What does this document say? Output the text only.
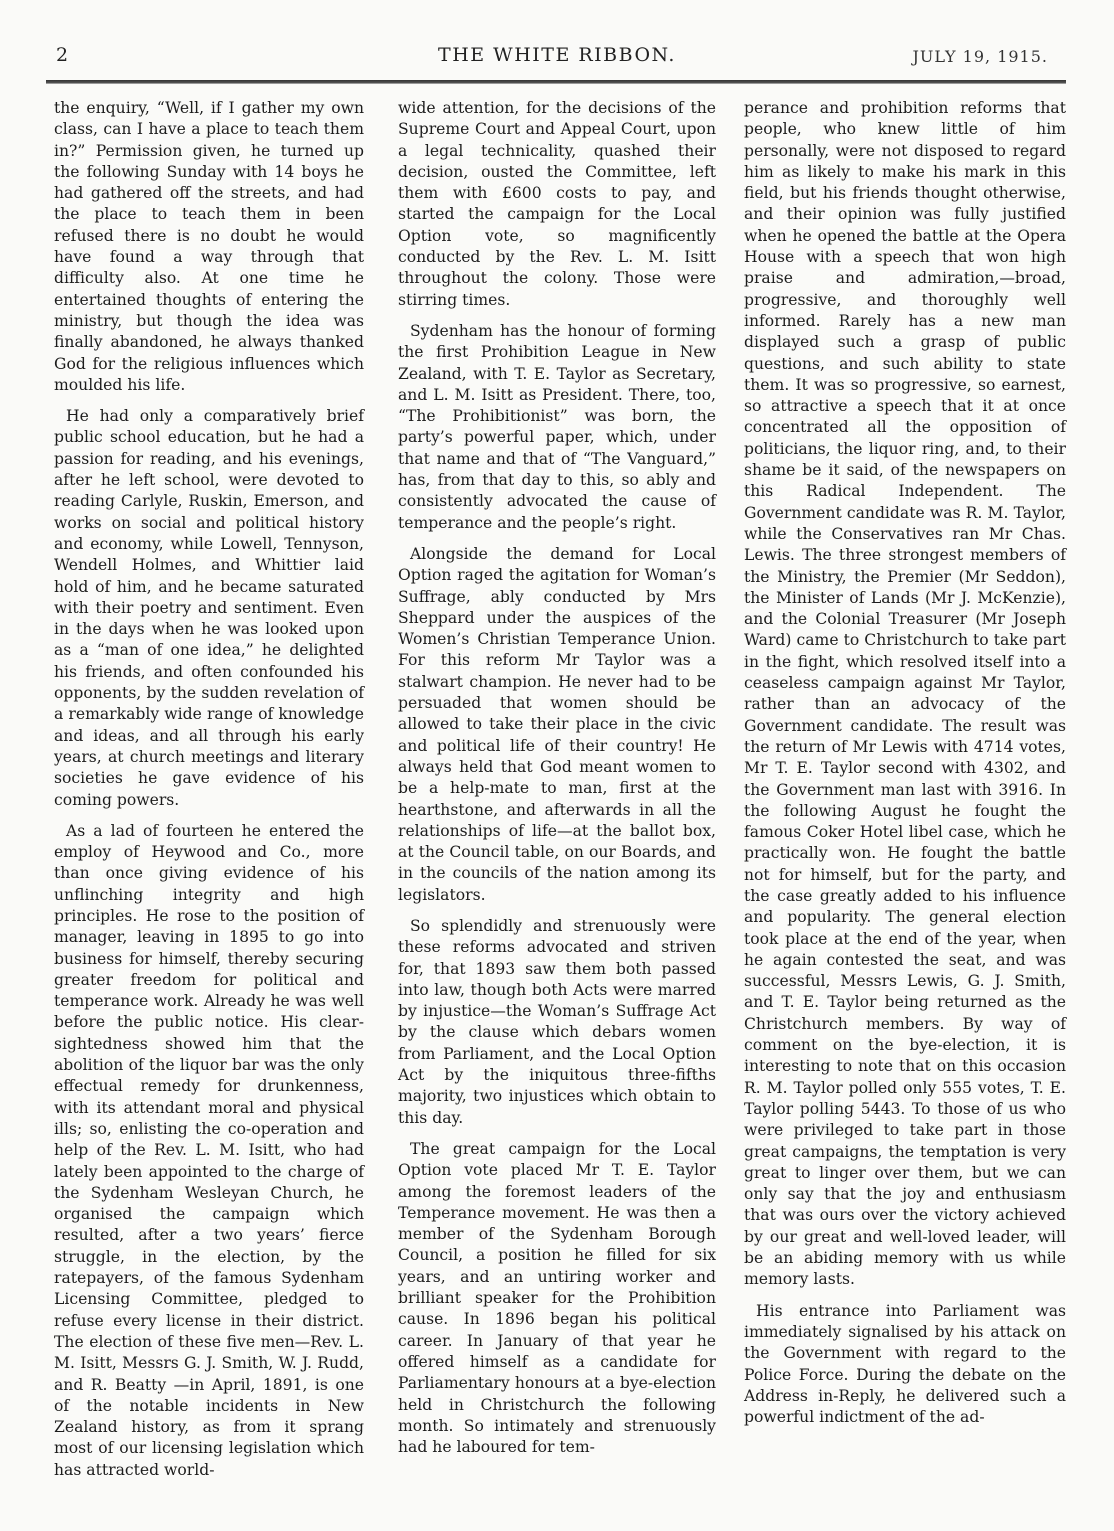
2	THE WHITE RIBBON.	JULY 19, 1915.

the enquiry, “Well, if I gather my own class, can I have a place to teach them in?” Permission given, he turned up the following Sunday with 14 boys he had gathered off the streets, and had the place to teach them in been refused there is no doubt he would have found a way through that difficulty also. At one time he entertained thoughts of entering the ministry, but though the idea was finally abandoned, he always thanked God for the religious influences which moulded his life.

He had only a comparatively brief public school education, but he had a passion for reading, and his evenings, after he left school, were devoted to reading Carlyle, Ruskin, Emerson, and works on social and political history and economy, while Lowell, Tennyson, Wendell Holmes, and Whittier laid hold of him, and he became saturated with their poetry and sentiment. Even in the days when he was looked upon as a “man of one idea,” he delighted his friends, and often confounded his opponents, by the sudden revelation of a remarkably wide range of knowledge and ideas, and all through his early years, at church meetings and literary societies he gave evidence of his coming powers.

As a lad of fourteen he entered the employ of Heywood and Co., more than once giving evidence of his unflinching integrity and high principles. He rose to the position of manager, leaving in 1895 to go into business for himself, thereby securing greater freedom for political and temperance work. Already he was well before the public notice. His clear-sightedness showed him that the abolition of the liquor bar was the only effectual remedy for drunkenness, with its attendant moral and physical ills; so, enlisting the co-operation and help of the Rev. L. M. Isitt, who had lately been appointed to the charge of the Sydenham Wesleyan Church, he organised the campaign which resulted, after a two years’ fierce struggle, in the election, by the ratepayers, of the famous Sydenham Licensing Committee, pledged to refuse every license in their district. The election of these five men—Rev. L. M. Isitt, Messrs G. J. Smith, W. J. Rudd, and R. Beatty —in April, 1891, is one of the notable incidents in New Zealand history, as from it sprang most of our licensing legislation which has attracted world-

wide attention, for the decisions of the Supreme Court and Appeal Court, upon a legal technicality, quashed their decision, ousted the Committee, left them with £600 costs to pay, and started the campaign for the Local Option vote, so magnificently conducted by the Rev. L. M. Isitt throughout the colony. Those were stirring times.

Sydenham has the honour of forming the first Prohibition League in New Zealand, with T. E. Taylor as Secretary, and L. M. Isitt as President. There, too, “The Prohibitionist” was born, the party’s powerful paper, which, under that name and that of “The Vanguard,” has, from that day to this, so ably and consistently advocated the cause of temperance and the people’s right.

Alongside the demand for Local Option raged the agitation for Woman’s Suffrage, ably conducted by Mrs Sheppard under the auspices of the Women’s Christian Temperance Union. For this reform Mr Taylor was a stalwart champion. He never had to be persuaded that women should be allowed to take their place in the civic and political life of their country! He always held that God meant women to be a help-mate to man, first at the hearthstone, and afterwards in all the relationships of life—at the ballot box, at the Council table, on our Boards, and in the councils of the nation among its legislators.

So splendidly and strenuously were these reforms advocated and striven for, that 1893 saw them both passed into law, though both Acts were marred by injustice—the Woman’s Suffrage Act by the clause which debars women from Parliament, and the Local Option Act by the iniquitous three-fifths majority, two injustices which obtain to this day.

The great campaign for the Local Option vote placed Mr T. E. Taylor among the foremost leaders of the Temperance movement. He was then a member of the Sydenham Borough Council, a position he filled for six years, and an untiring worker and brilliant speaker for the Prohibition cause. In 1896 began his political career. In January of that year he offered himself as a candidate for Parliamentary honours at a bye-election held in Christchurch the following month. So intimately and strenuously had he laboured for tem-

perance and prohibition reforms that people, who knew little of him personally, were not disposed to regard him as likely to make his mark in this field, but his friends thought otherwise, and their opinion was fully justified when he opened the battle at the Opera House with a speech that won high praise and admiration,—broad, progressive, and thoroughly well informed. Rarely has a new man displayed such a grasp of public questions, and such ability to state them. It was so progressive, so earnest, so attractive a speech that it at once concentrated all the opposition of politicians, the liquor ring, and, to their shame be it said, of the newspapers on this Radical Independent. The Government candidate was R. M. Taylor, while the Conservatives ran Mr Chas. Lewis. The three strongest members of the Ministry, the Premier (Mr Seddon), the Minister of Lands (Mr J. McKenzie), and the Colonial Treasurer (Mr Joseph Ward) came to Christchurch to take part in the fight, which resolved itself into a ceaseless campaign against Mr Taylor, rather than an advocacy of the Government candidate. The result was the return of Mr Lewis with 4714 votes, Mr T. E. Taylor second with 4302, and the Government man last with 3916. In the following August he fought the famous Coker Hotel libel case, which he practically won. He fought the battle not for himself, but for the party, and the case greatly added to his influence and popularity. The general election took place at the end of the year, when he again contested the seat, and was successful, Messrs Lewis, G. J. Smith, and T. E. Taylor being returned as the Christchurch members. By way of comment on the bye-election, it is interesting to note that on this occasion R. M. Taylor polled only 555 votes, T. E. Taylor polling 5443. To those of us who were privileged to take part in those great campaigns, the temptation is very great to linger over them, but we can only say that the joy and enthusiasm that was ours over the victory achieved by our great and well-loved leader, will be an abiding memory with us while memory lasts.

His entrance into Parliament was immediately signalised by his attack on the Government with regard to the Police Force. During the debate on the Address in-Reply, he delivered such a powerful indictment of the ad-
